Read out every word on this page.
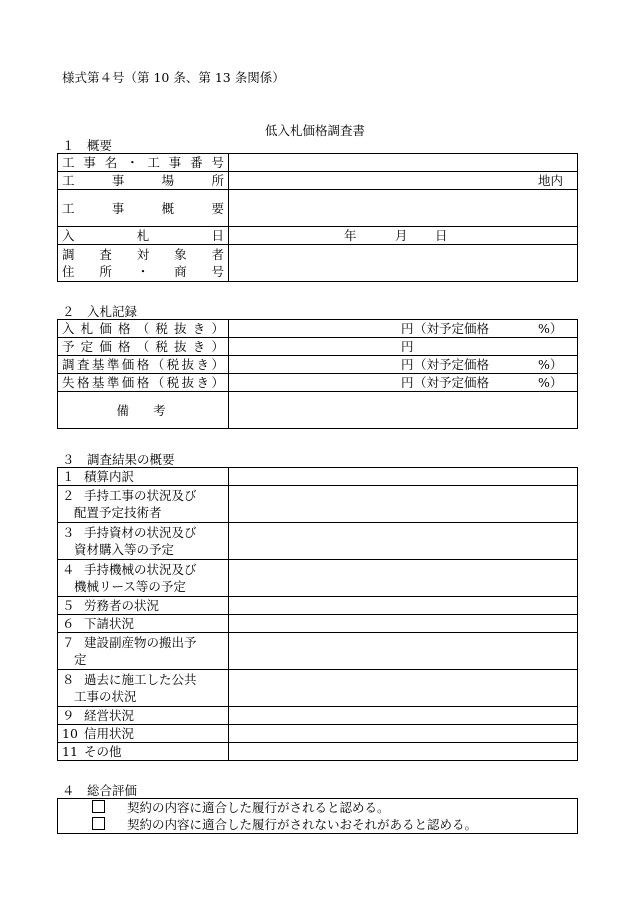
様式第４号（第 10 条、第 13 条関係）
低入札価格調査書
１　概要
工事名・工事番号	
工事場所	地内

工事概要	
入札日	年 月 日

調査対象者
住所・商号	

２　入札記録
入札価格（税抜き）	円 （対予定価格 %）

予定価格（税抜き）	円

調査基準価格（税抜き）	円 （対予定価格 %）

失格基準価格（税抜き）	円 （対予定価格 %）

備考	
３　調査結果の概要
１ 積算内訳	

２ 手持工事の状況及び
配置予定技術者	

３ 手持資材の状況及び
資材購入等の予定	

４ 手持機械の状況及び
機械リース等の予定	

５ 労務者の状況	
６ 下請状況	

７ 建設副産物の搬出予
定	

８ 過去に施工した公共
工事の状況	

９ 経営状況	
10 信用状況	
11 その他	
４　総合評価
契約の内容に適合した履行がされると認める。
契約の内容に適合した履行がされないおそれがあると認める。
